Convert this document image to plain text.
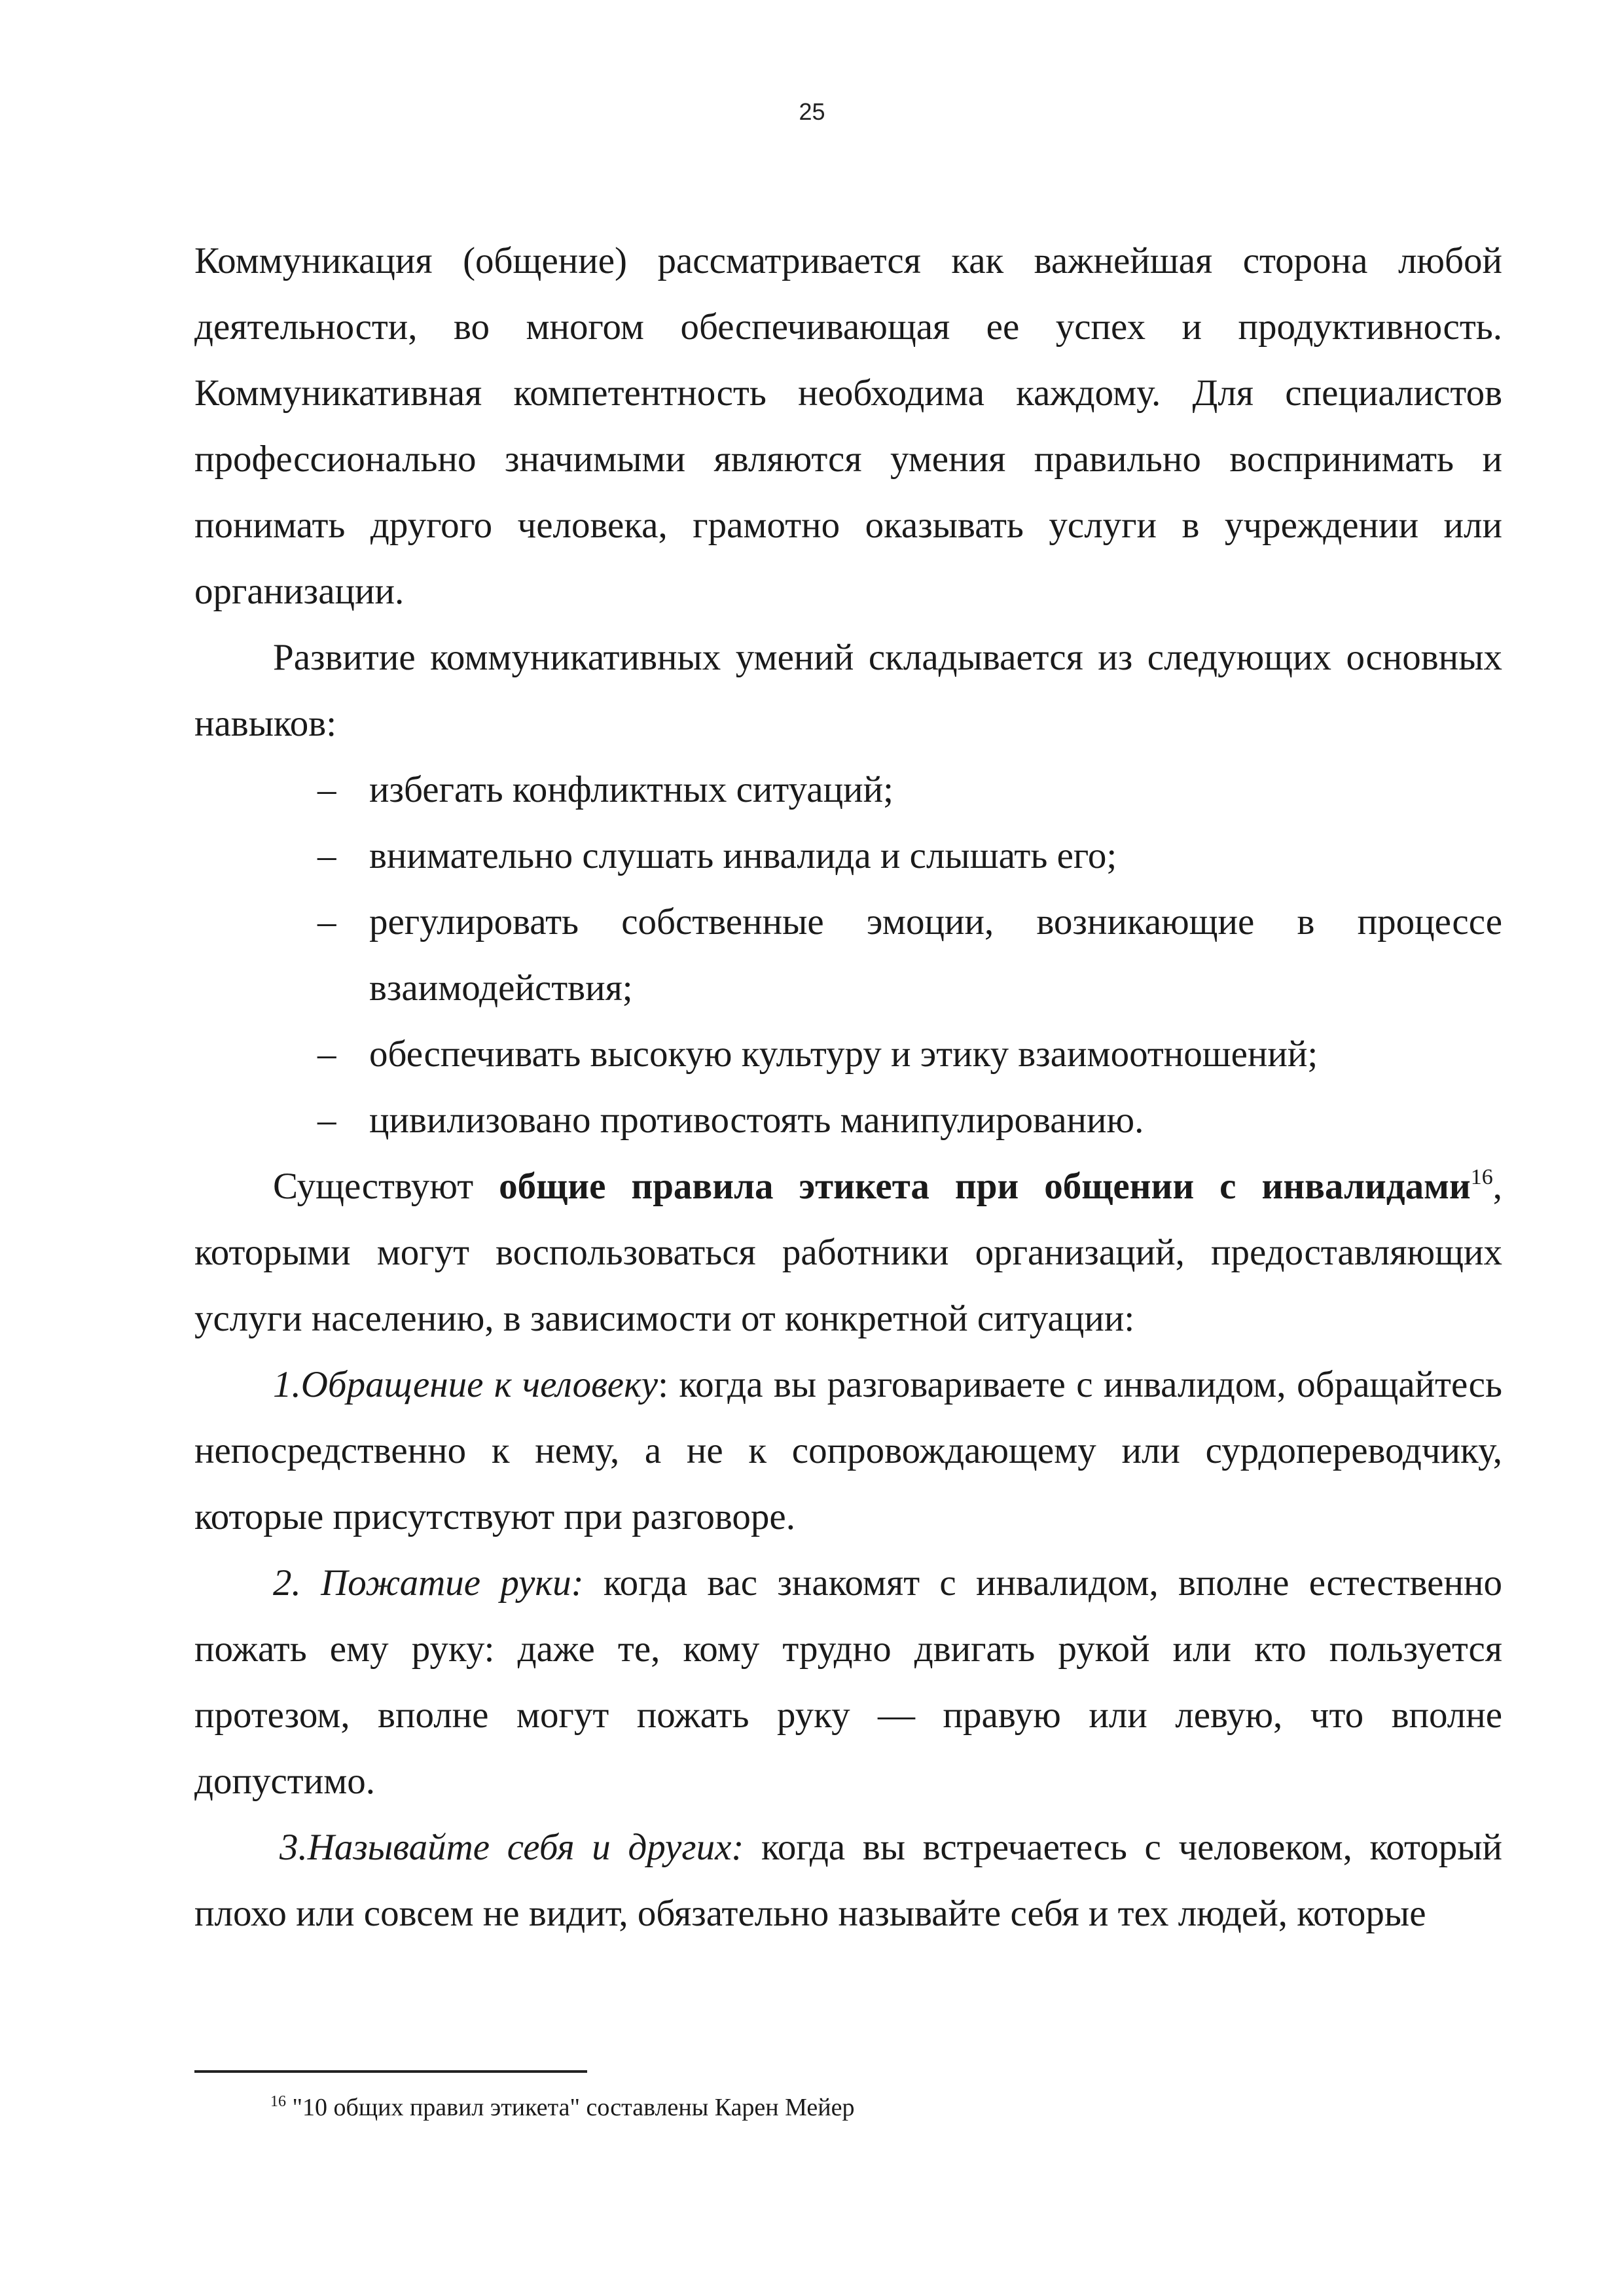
25

Коммуникация (общение) рассматривается как важнейшая сторона любой деятельности, во многом обеспечивающая ее успех и продуктивность. Коммуникативная компетентность необходима каждому. Для специалистов профессионально значимыми являются умения правильно воспринимать и понимать другого человека, грамотно оказывать услуги в учреждении или организации.

Развитие коммуникативных умений складывается из следующих основных навыков:

– избегать конфликтных ситуаций;
– внимательно слушать инвалида и слышать его;
– регулировать собственные эмоции, возникающие в процессе взаимодействия;
– обеспечивать высокую культуру и этику взаимоотношений;
– цивилизовано противостоять манипулированию.

Существуют общие правила этикета при общении с инвалидами$^{16}$, которыми могут воспользоваться работники организаций, предоставляющих услуги населению, в зависимости от конкретной ситуации:

1.Обращение к человеку: когда вы разговариваете с инвалидом, обращайтесь непосредственно к нему, а не к сопровождающему или сурдопереводчику, которые присутствуют при разговоре.

2. Пожатие руки: когда вас знакомят с инвалидом, вполне естественно пожать ему руку: даже те, кому трудно двигать рукой или кто пользуется протезом, вполне могут пожать руку — правую или левую, что вполне допустимо.

3.Называйте себя и других: когда вы встречаетесь с человеком, который плохо или совсем не видит, обязательно называйте себя и тех людей, которые

$^{16}$ "10 общих правил этикета" составлены Карен Мейер
